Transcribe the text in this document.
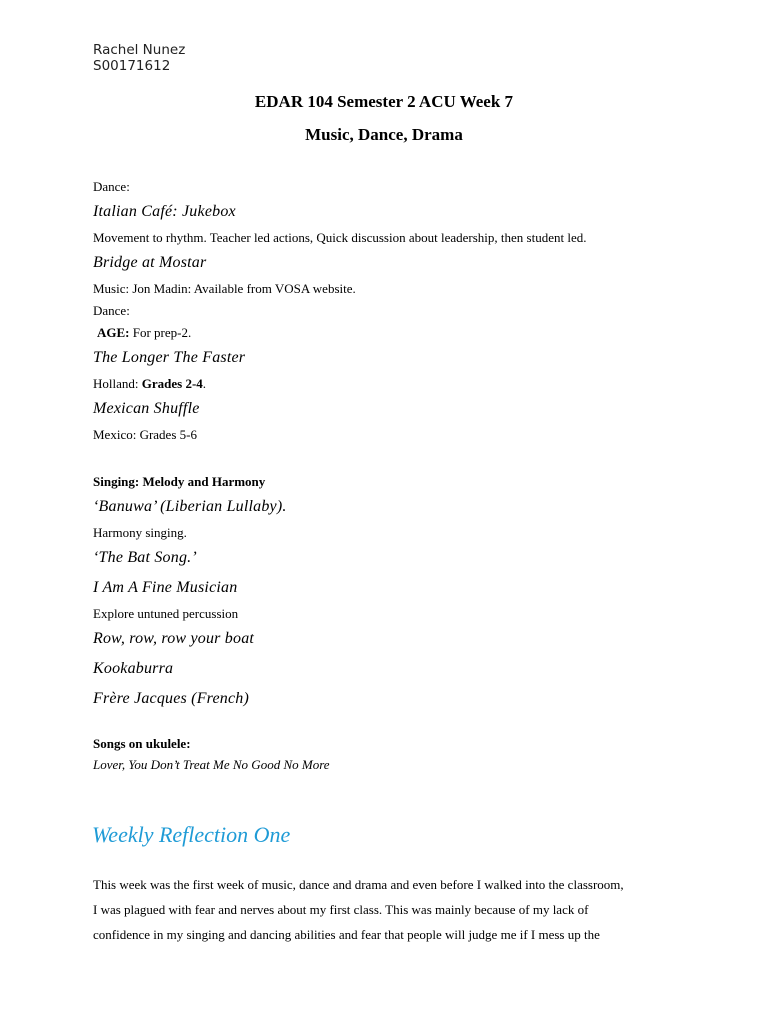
Rachel Nunez
S00171612
EDAR 104 Semester 2 ACU Week 7
Music, Dance, Drama

Dance:

Italian Café: Jukebox

Movement to rhythm. Teacher led actions, Quick discussion about leadership, then student led.

Bridge at Mostar

Music: Jon Madin: Available from VOSA website.

Dance:

AGE: For prep-2.

The Longer The Faster

Holland: Grades 2-4.

Mexican Shuffle

Mexico: Grades 5-6

Singing: Melody and Harmony

‘Banuwa’ (Liberian Lullaby).

Harmony singing.

‘The Bat Song.’

I Am A Fine Musician

Explore untuned percussion

Row, row, row your boat

Kookaburra

Frère Jacques (French)

Songs on ukulele:

Lover, You Don’t Treat Me No Good No More

Weekly Reflection One

This week was the first week of music, dance and drama and even before I walked into the classroom,

I was plagued with fear and nerves about my first class. This was mainly because of my lack of

confidence in my singing and dancing abilities and fear that people will judge me if I mess up the
